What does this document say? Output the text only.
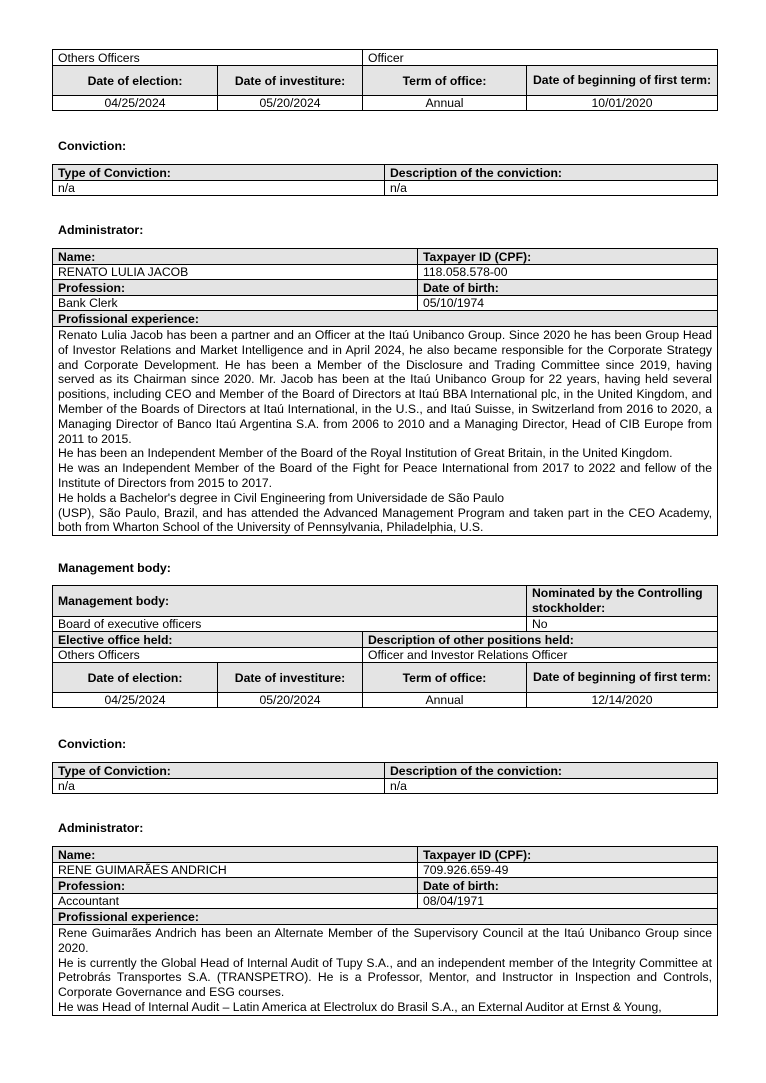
Others Officers		Officer	
Date of election:	Date of investiture:	Term of office:	Date of beginning of first term:
04/25/2024	05/20/2024	Annual	10/01/2020
Conviction:
Type of Conviction:	Description of the conviction:
n/a	n/a
Administrator:
Name:	Taxpayer ID (CPF):
RENATO LULIA JACOB	118.058.578-00
Profession:	Date of birth:
Bank Clerk	05/10/1974
Profissional experience:	

Renato Lulia Jacob has been a partner and an Officer at the Itaú Unibanco Group. Since 2020 he has been Group Head of Investor Relations and Market Intelligence and in April 2024, he also became responsible for the Corporate Strategy and Corporate Development. He has been a Member of the Disclosure and Trading Committee since 2019, having served as its Chairman since 2020. Mr. Jacob has been at the Itaú Unibanco Group for 22 years, having held several positions, including CEO and Member of the Board of Directors at Itaú BBA International plc, in the United Kingdom, and Member of the Boards of Directors at Itaú International, in the U.S., and Itaú Suisse, in Switzerland from 2016 to 2020, a Managing Director of Banco Itaú Argentina S.A. from 2006 to 2010 and a Managing Director, Head of CIB Europe from 2011 to 2015.
He has been an Independent Member of the Board of the Royal Institution of Great Britain, in the United Kingdom.
He was an Independent Member of the Board of the Fight for Peace International from 2017 to 2022 and fellow of the Institute of Directors from 2015 to 2017.
He holds a Bachelor's degree in Civil Engineering from Universidade de São Paulo
(USP), São Paulo, Brazil, and has attended the Advanced Management Program and taken part in the CEO Academy, both from Wharton School of the University of Pennsylvania, Philadelphia, U.S.	
Management body:
Management body:			Nominated by the Controlling stockholder:
Board of executive officers			No
Elective office held:		Description of other positions held:	
Others Officers		Officer and Investor Relations Officer	
Date of election:	Date of investiture:	Term of office:	Date of beginning of first term:
04/25/2024	05/20/2024	Annual	12/14/2020
Conviction:
Type of Conviction:	Description of the conviction:
n/a	n/a
Administrator:
Name:	Taxpayer ID (CPF):
RENE GUIMARÃES ANDRICH	709.926.659-49
Profession:	Date of birth:
Accountant	08/04/1971
Profissional experience:	

Rene Guimarães Andrich has been an Alternate Member of the Supervisory Council at the Itaú Unibanco Group since 2020.
He is currently the Global Head of Internal Audit of Tupy S.A., and an independent member of the Integrity Committee at Petrobrás Transportes S.A. (TRANSPETRO). He is a Professor, Mentor, and Instructor in Inspection and Controls, Corporate Governance and ESG courses.
He was Head of Internal Audit – Latin America at Electrolux do Brasil S.A., an External Auditor at Ernst & Young,	
